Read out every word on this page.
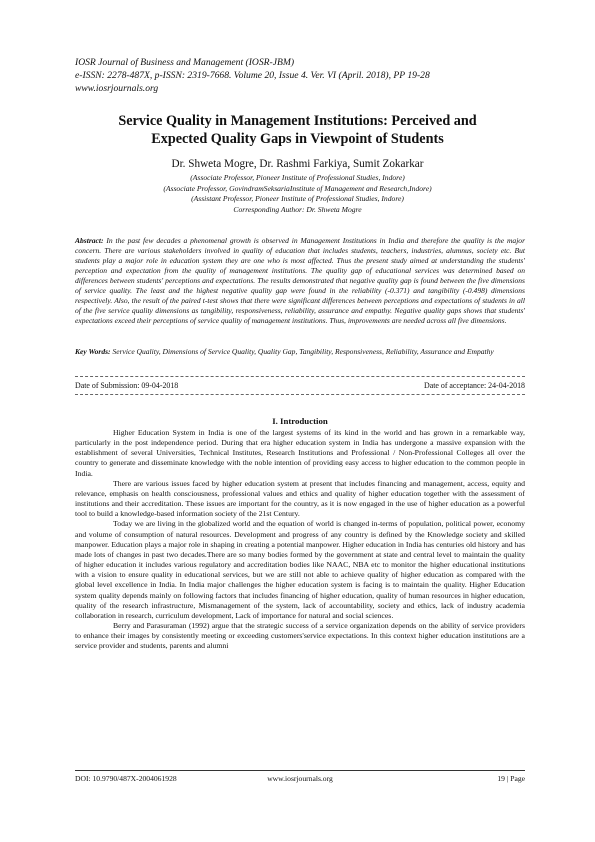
IOSR Journal of Business and Management (IOSR-JBM)
e-ISSN: 2278-487X, p-ISSN: 2319-7668. Volume 20, Issue 4. Ver. VI (April. 2018), PP 19-28
www.iosrjournals.org
Service Quality in Management Institutions: Perceived and
Expected Quality Gaps in Viewpoint of Students
Dr. Shweta Mogre, Dr. Rashmi Farkiya, Sumit Zokarkar
(Associate Professor, Pioneer Institute of Professional Studies, Indore)
(Associate Professor, GovindramSeksariaInstitute of Management and Research,Indore)
(Assistant Professor, Pioneer Institute of Professional Studies, Indore)
Corresponding Author: Dr. Shweta Mogre
Abstract: In the past few decades a phenomenal growth is observed in Management Institutions in India and therefore the quality is the major concern. There are various stakeholders involved in quality of education that includes students, teachers, industries, alumnus, society etc. But students play a major role in education system they are one who is most affected. Thus the present study aimed at understanding the students' perception and expectation from the quality of management institutions. The quality gap of educational services was determined based on differences between students' perceptions and expectations. The results demonstrated that negative quality gap is found between the five dimensions of service quality. The least and the highest negative quality gap were found in the reliability (-0.371) and tangibility (-0.498) dimensions respectively. Also, the result of the paired t-test shows that there were significant differences between perceptions and expectations of students in all of the five service quality dimensions as tangibility, responsiveness, reliability, assurance and empathy. Negative quality gaps shows that students' expectations exceed their perceptions of service quality of management institutions. Thus, improvements are needed across all five dimensions.
Key Words: Service Quality, Dimensions of Service Quality, Quality Gap, Tangibility, Responsiveness, Reliability, Assurance and Empathy
Date of Submission: 09-04-2018	Date of acceptance: 24-04-2018
I. Introduction

Higher Education System in India is one of the largest systems of its kind in the world and has grown in a remarkable way, particularly in the post independence period. During that era higher education system in India has undergone a massive expansion with the establishment of several Universities, Technical Institutes, Research Institutions and Professional / Non-Professional Colleges all over the country to generate and disseminate knowledge with the noble intention of providing easy access to higher education to the common people in India.

There are various issues faced by higher education system at present that includes financing and management, access, equity and relevance, emphasis on health consciousness, professional values and ethics and quality of higher education together with the assessment of institutions and their accreditation. These issues are important for the country, as it is now engaged in the use of higher education as a powerful tool to build a knowledge-based information society of the 21st Century.

Today we are living in the globalized world and the equation of world is changed in-terms of population, political power, economy and volume of consumption of natural resources. Development and progress of any country is defined by the Knowledge society and skilled manpower. Education plays a major role in shaping in creating a potential manpower. Higher education in India has centuries old history and has made lots of changes in past two decades.There are so many bodies formed by the government at state and central level to maintain the quality of higher education it includes various regulatory and accreditation bodies like NAAC, NBA etc to monitor the higher educational institutions with a vision to ensure quality in educational services, but we are still not able to achieve quality of higher education as compared with the global level excellence in India. In India major challenges the higher education system is facing is to maintain the quality. Higher Education system quality depends mainly on following factors that includes financing of higher education, quality of human resources in higher education, quality of the research infrastructure, Mismanagement of the system, lack of accountability, society and ethics, lack of industry academia collaboration in research, curriculum development, Lack of importance for natural and social sciences.

Berry and Parasuraman (1992) argue that the strategic success of a service organization depends on the ability of service providers to enhance their images by consistently meeting or exceeding customers'service expectations. In this context higher education institutions are a service provider and students, parents and alumni

DOI: 10.9790/487X-2004061928	www.iosrjournals.org	19 | Page
